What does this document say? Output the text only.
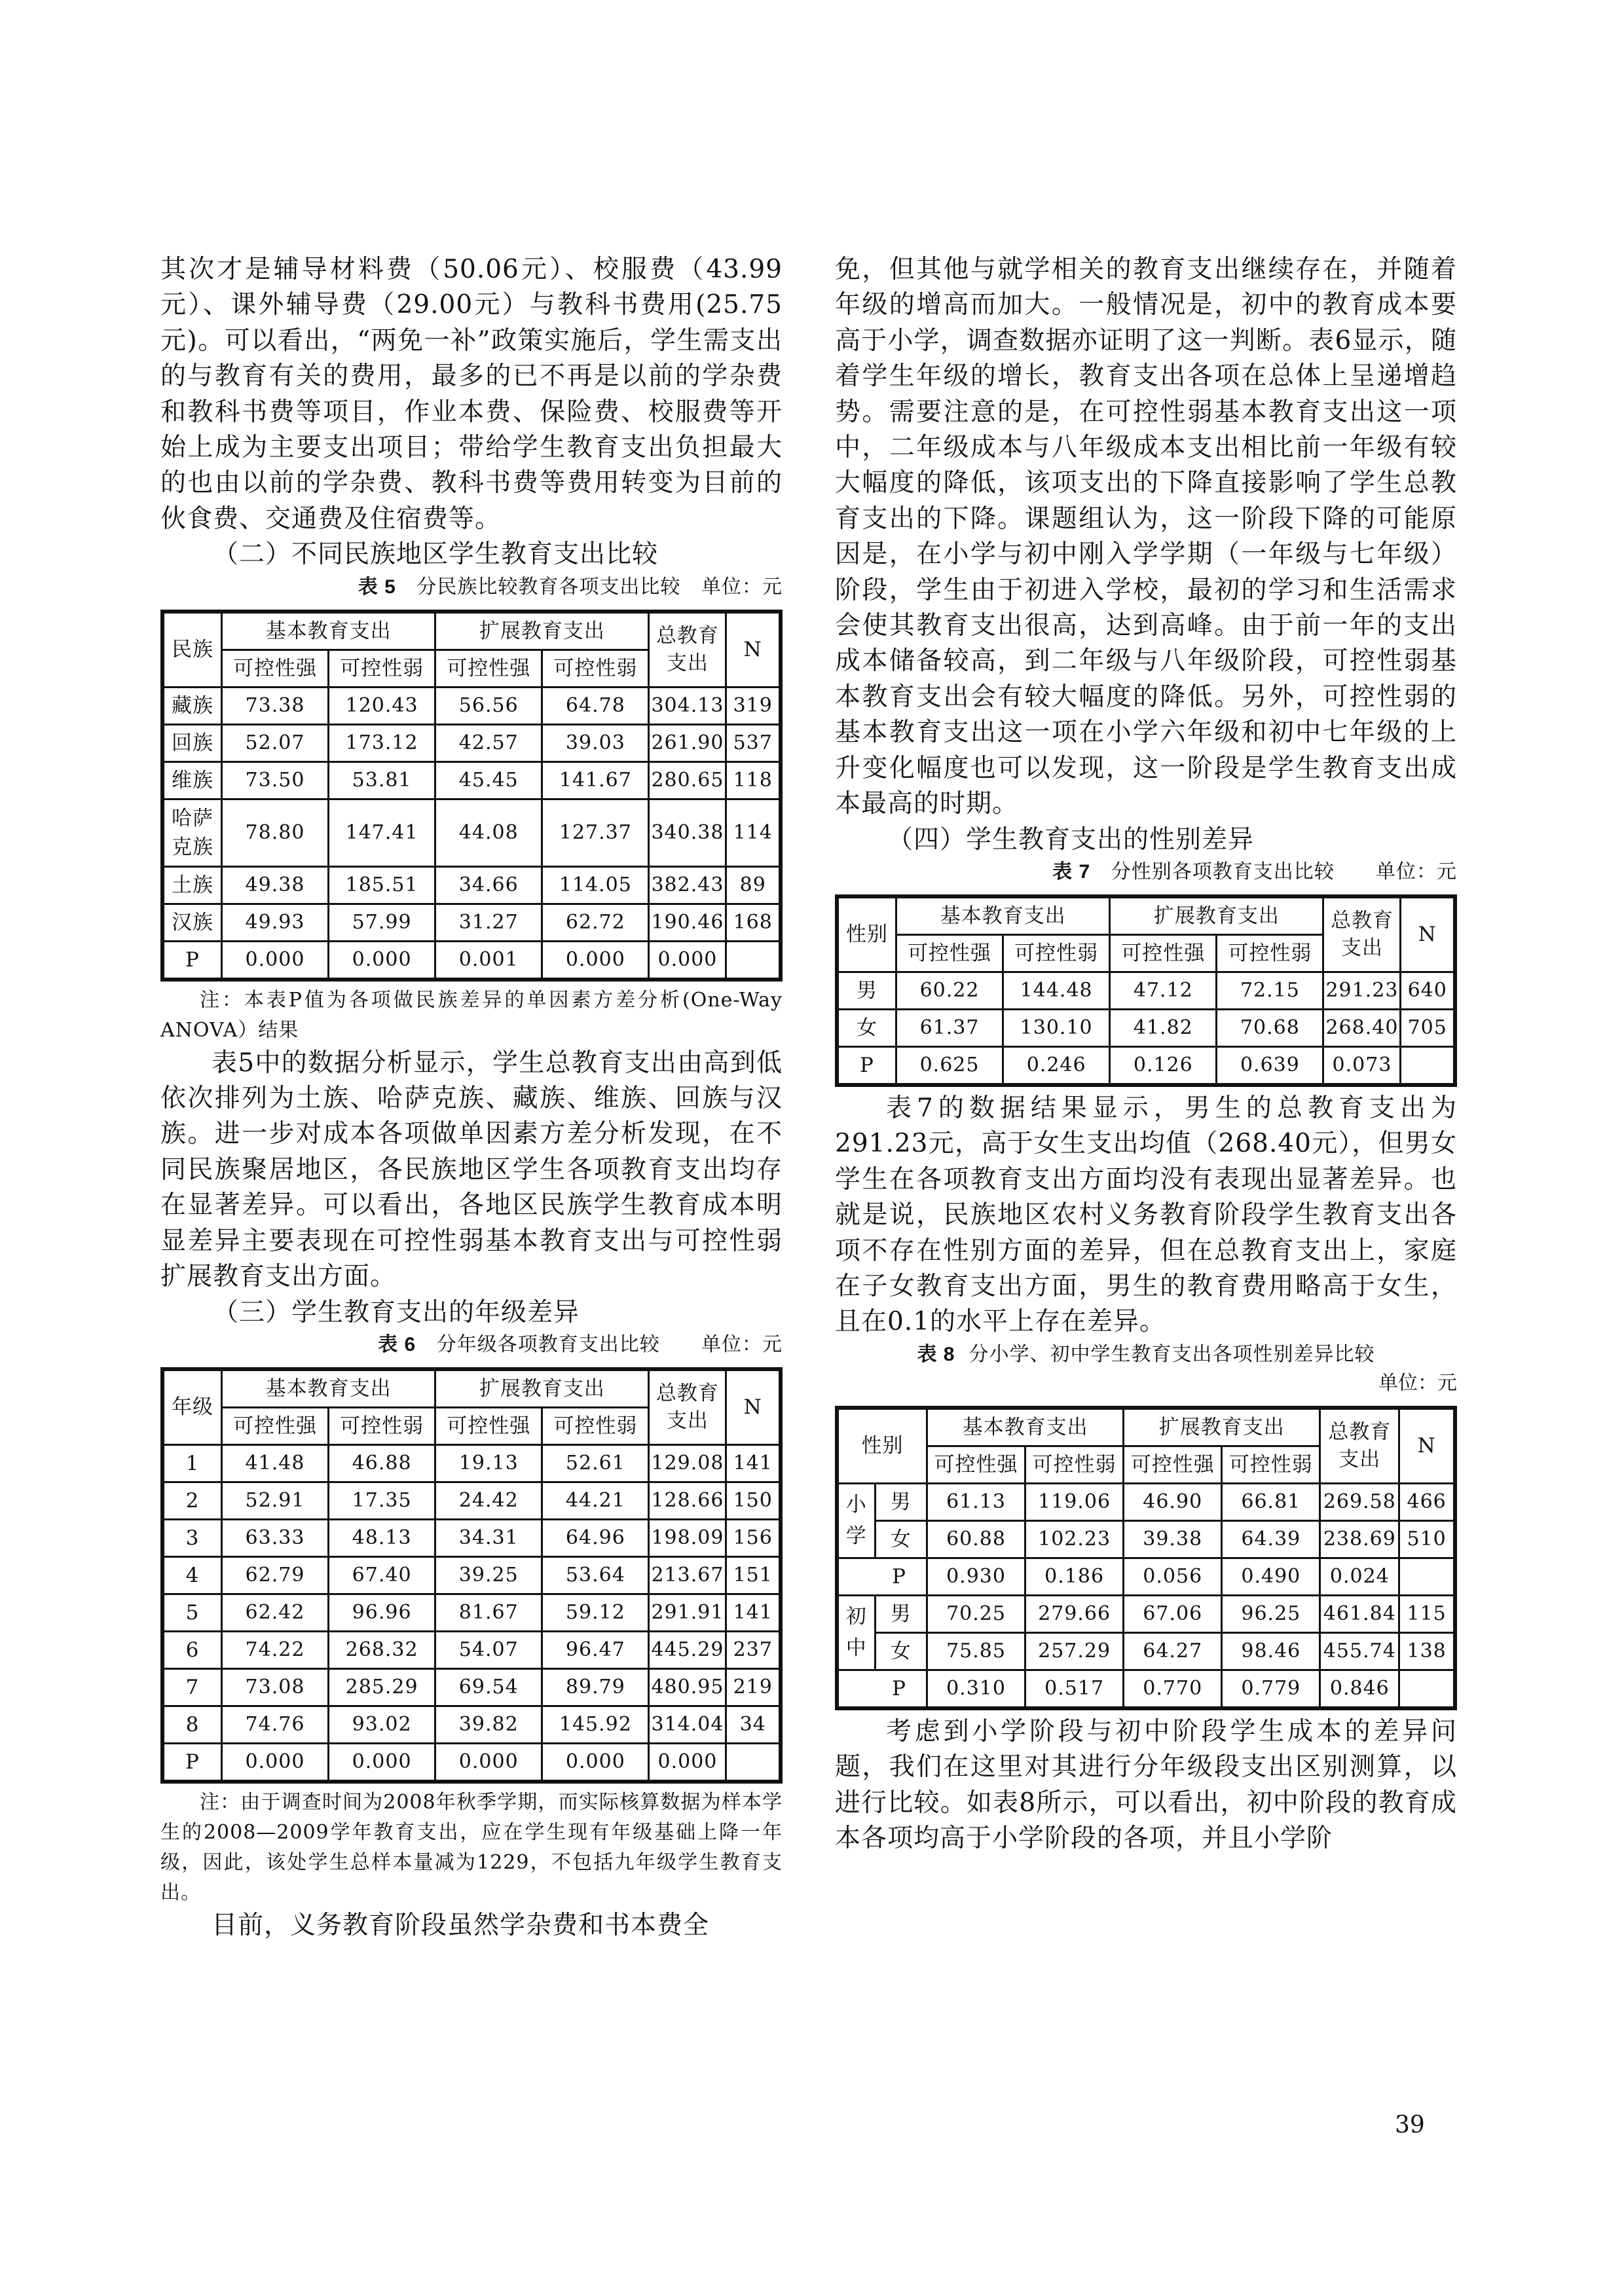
其次才是辅导材料费（50.06元）、校服费（43.99元）、课外辅导费（29.00元）与教科书费用(25.75元)。可以看出，“两免一补”政策实施后，学生需支出的与教育有关的费用，最多的已不再是以前的学杂费和教科书费等项目，作业本费、保险费、校服费等开始上成为主要支出项目；带给学生教育支出负担最大的也由以前的学杂费、教科书费等费用转变为目前的伙食费、交通费及住宿费等。

（二）不同民族地区学生教育支出比较

表 5 分民族比较教育各项支出比较 单位：元

民族	基本教育支出		扩展教育支出		总教育
支出	N
	可控性强	可控性弱	可控性强	可控性弱		
藏族	73.38	120.43	56.56	64.78	304.13	319
回族	52.07	173.12	42.57	39.03	261.90	537
维族	73.50	53.81	45.45	141.67	280.65	118
哈萨
克族	78.80	147.41	44.08	127.37	340.38	114
土族	49.38	185.51	34.66	114.05	382.43	89
汉族	49.93	57.99	31.27	62.72	190.46	168
P	0.000	0.000	0.001	0.000	0.000	

注：本表P值为各项做民族差异的单因素方差分析(One-Way ANOVA）结果

表5中的数据分析显示，学生总教育支出由高到低依次排列为土族、哈萨克族、藏族、维族、回族与汉族。进一步对成本各项做单因素方差分析发现，在不同民族聚居地区，各民族地区学生各项教育支出均存在显著差异。可以看出，各地区民族学生教育成本明显差异主要表现在可控性弱基本教育支出与可控性弱扩展教育支出方面。

（三）学生教育支出的年级差异

表 6 分年级各项教育支出比较 单位：元

年级	基本教育支出		扩展教育支出		总教育
支出	N
	可控性强	可控性弱	可控性强	可控性弱		
1	41.48	46.88	19.13	52.61	129.08	141
2	52.91	17.35	24.42	44.21	128.66	150
3	63.33	48.13	34.31	64.96	198.09	156
4	62.79	67.40	39.25	53.64	213.67	151
5	62.42	96.96	81.67	59.12	291.91	141
6	74.22	268.32	54.07	96.47	445.29	237
7	73.08	285.29	69.54	89.79	480.95	219
8	74.76	93.02	39.82	145.92	314.04	34
P	0.000	0.000	0.000	0.000	0.000	

注：由于调查时间为2008年秋季学期，而实际核算数据为样本学生的2008—2009学年教育支出，应在学生现有年级基础上降一年级，因此，该处学生总样本量减为1229，不包括九年级学生教育支出。

目前，义务教育阶段虽然学杂费和书本费全

免，但其他与就学相关的教育支出继续存在，并随着年级的增高而加大。一般情况是，初中的教育成本要高于小学，调查数据亦证明了这一判断。表6显示，随着学生年级的增长，教育支出各项在总体上呈递增趋势。需要注意的是，在可控性弱基本教育支出这一项中，二年级成本与八年级成本支出相比前一年级有较大幅度的降低，该项支出的下降直接影响了学生总教育支出的下降。课题组认为，这一阶段下降的可能原因是，在小学与初中刚入学学期（一年级与七年级）阶段，学生由于初进入学校，最初的学习和生活需求会使其教育支出很高，达到高峰。由于前一年的支出成本储备较高，到二年级与八年级阶段，可控性弱基本教育支出会有较大幅度的降低。另外，可控性弱的基本教育支出这一项在小学六年级和初中七年级的上升变化幅度也可以发现，这一阶段是学生教育支出成本最高的时期。

（四）学生教育支出的性别差异

表 7 分性别各项教育支出比较 单位：元

性别	基本教育支出		扩展教育支出		总教育
支出	N
	可控性强	可控性弱	可控性强	可控性弱		
男	60.22	144.48	47.12	72.15	291.23	640
女	61.37	130.10	41.82	70.68	268.40	705
P	0.625	0.246	0.126	0.639	0.073	

表7的数据结果显示，男生的总教育支出为291.23元，高于女生支出均值（268.40元），但男女学生在各项教育支出方面均没有表现出显著差异。也就是说，民族地区农村义务教育阶段学生教育支出各项不存在性别方面的差异，但在总教育支出上，家庭在子女教育支出方面，男生的教育费用略高于女生，且在0.1的水平上存在差异。

表 8 分小学、初中学生教育支出各项性别差异比较

单位：元

性别		基本教育支出		扩展教育支出		总教育
支出	N
		可控性强	可控性弱	可控性强	可控性弱		
小
学	男	61.13	119.06	46.90	66.81	269.58	466
	女	60.88	102.23	39.38	64.39	238.69	510
P		0.930	0.186	0.056	0.490	0.024	
初
中	男	70.25	279.66	67.06	96.25	461.84	115
	女	75.85	257.29	64.27	98.46	455.74	138
P		0.310	0.517	0.770	0.779	0.846	

考虑到小学阶段与初中阶段学生成本的差异问题，我们在这里对其进行分年级段支出区别测算，以进行比较。如表8所示，可以看出，初中阶段的教育成本各项均高于小学阶段的各项，并且小学阶

39
